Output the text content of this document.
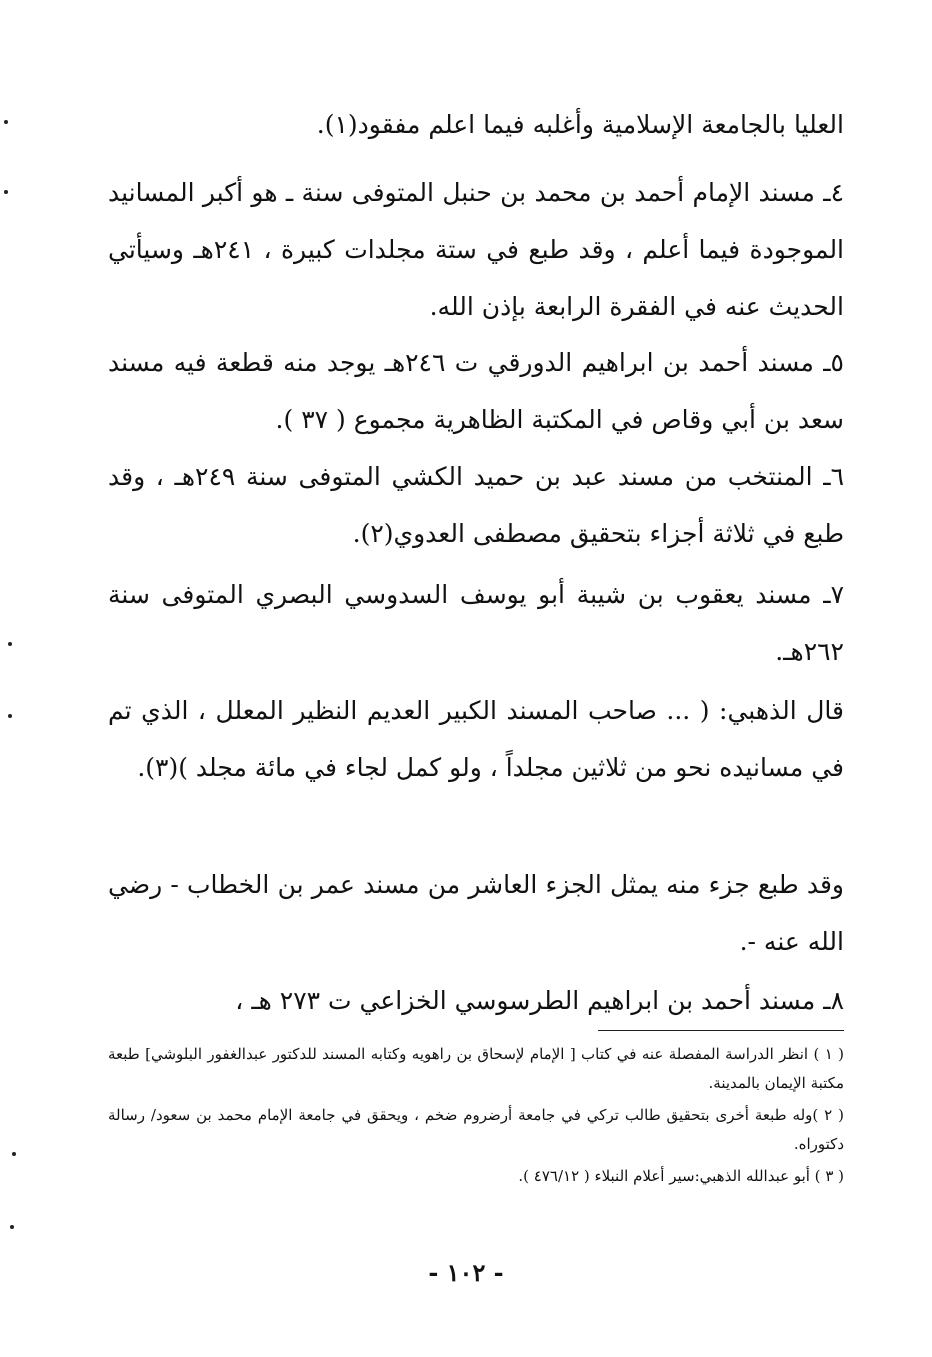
العليا بالجامعة الإسلامية وأغلبه فيما اعلم مفقود(١).

٤ـ مسند الإمام أحمد بن محمد بن حنبل المتوفى سنة ـ هو أكبر المسانيد الموجودة فيما أعلم ، وقد طبع في ستة مجلدات كبيرة ، ٢٤١هـ وسيأتي الحديث عنه في الفقرة الرابعة بإذن الله.

٥ـ مسند أحمد بن ابراهيم الدورقي ت ٢٤٦هـ يوجد منه قطعة فيه مسند سعد بن أبي وقاص في المكتبة الظاهرية مجموع ( ٣٧ ).

٦ـ المنتخب من مسند عبد بن حميد الكشي المتوفى سنة ٢٤٩هـ ، وقد طبع في ثلاثة أجزاء بتحقيق مصطفى العدوي(٢).

٧ـ مسند يعقوب بن شيبة أبو يوسف السدوسي البصري المتوفى سنة ٢٦٢هـ.

قال الذهبي: ( ... صاحب المسند الكبير العديم النظير المعلل ، الذي تم في مسانيده نحو من ثلاثين مجلداً ، ولو كمل لجاء في مائة مجلد )(٣).

وقد طبع جزء منه يمثل الجزء العاشر من مسند عمر بن الخطاب - رضي الله عنه -.

٨ـ مسند أحمد بن ابراهيم الطرسوسي الخزاعي ت ٢٧٣ هـ ،

( ١ ) انظر الدراسة المفصلة عنه في كتاب [ الإمام لإسحاق بن راهويه وكتابه المسند للدكتور عبدالغفور البلوشي] طبعة مكتبة الإيمان بالمدينة.

( ٢ )وله طبعة أخرى بتحقيق طالب تركي في جامعة أرضروم ضخم ، ويحقق في جامعة الإمام محمد بن سعود/ رسالة دكتوراه.

( ٣ ) أبو عبدالله الذهبي:سير أعلام النبلاء ( ٤٧٦/١٢ ).

- ١٠٢ -
